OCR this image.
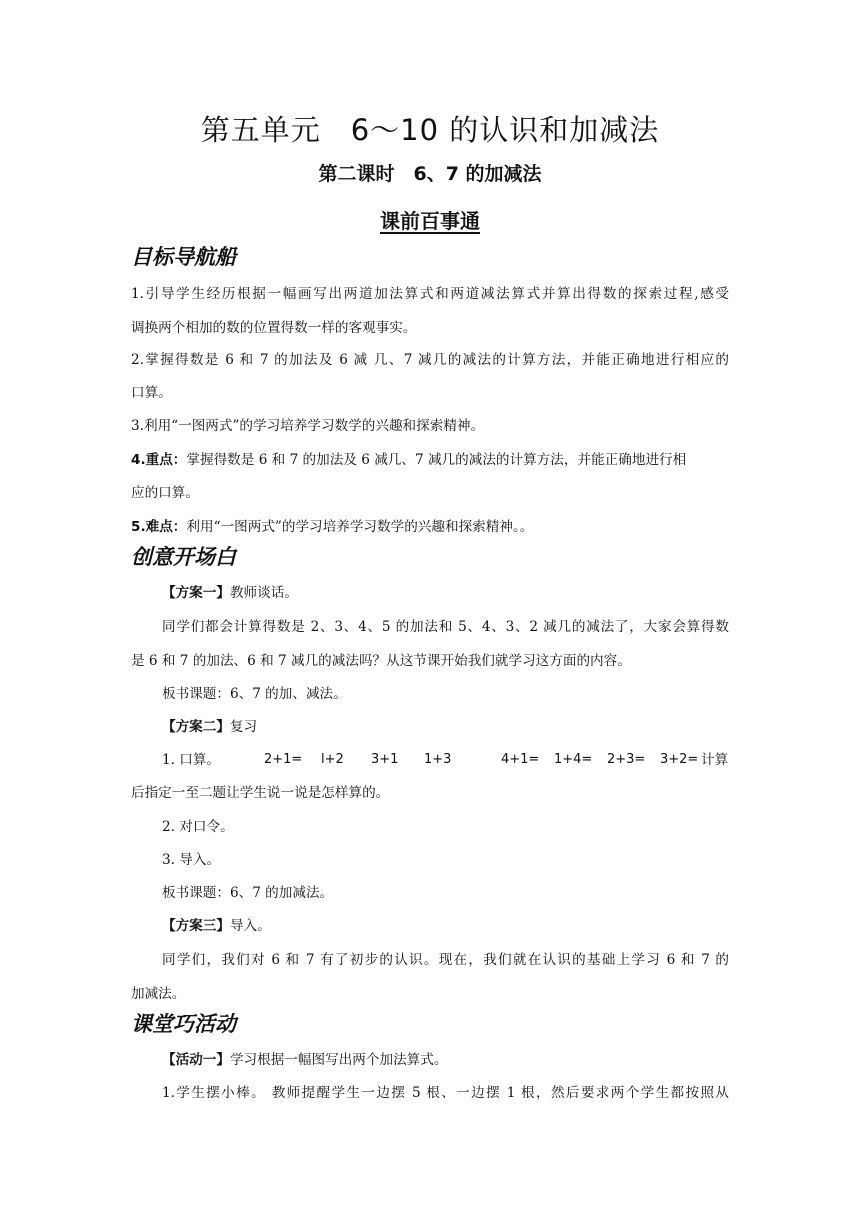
第五单元　6～10 的认识和加减法
第二课时　6、7 的加减法
课前百事通
目标导航船
1.引导学生经历根据一幅画写出两道加法算式和两道减法算式并算出得数的探索过程,感受
调换两个相加的数的位置得数一样的客观事实。
2.掌握得数是 6 和 7 的加法及 6 减 几、7 减几的减法的计算方法，并能正确地进行相应的
口算。
3.利用“一图两式”的学习培养学习数学的兴趣和探索精神。
4.重点：掌握得数是 6 和 7 的加法及 6 减几、7 减几的减法的计算方法，并能正确地进行相
应的口算。
5.难点：利用“一图两式”的学习培养学习数学的兴趣和探索精神。。
创意开场白
【方案一】教师谈话。
同学们都会计算得数是 2、3、4、5 的加法和 5、4、3、2 减几的减法了，大家会算得数
是 6 和 7 的加法、6 和 7 减几的减法吗？从这节课开始我们就学习这方面的内容。
板书课题：6、7 的加、减法。
【方案二】复习
1. 口算。	2+1= l+2 3+1 1+3	4+1= 1+4= 2+3= 3+2= 计算
后指定一至二题让学生说一说是怎样算的。
2. 对口令。
3. 导入。
板书课题：6、7 的加减法。
【方案三】导入。
同学们，我们对 6 和 7 有了初步的认识。现在，我们就在认识的基础上学习 6 和 7 的
加减法。
课堂巧活动
【活动一】学习根据一幅图写出两个加法算式。
1.学生摆小棒。 教师提醒学生一边摆 5 根、一边摆 1 根，然后要求两个学生都按照从
